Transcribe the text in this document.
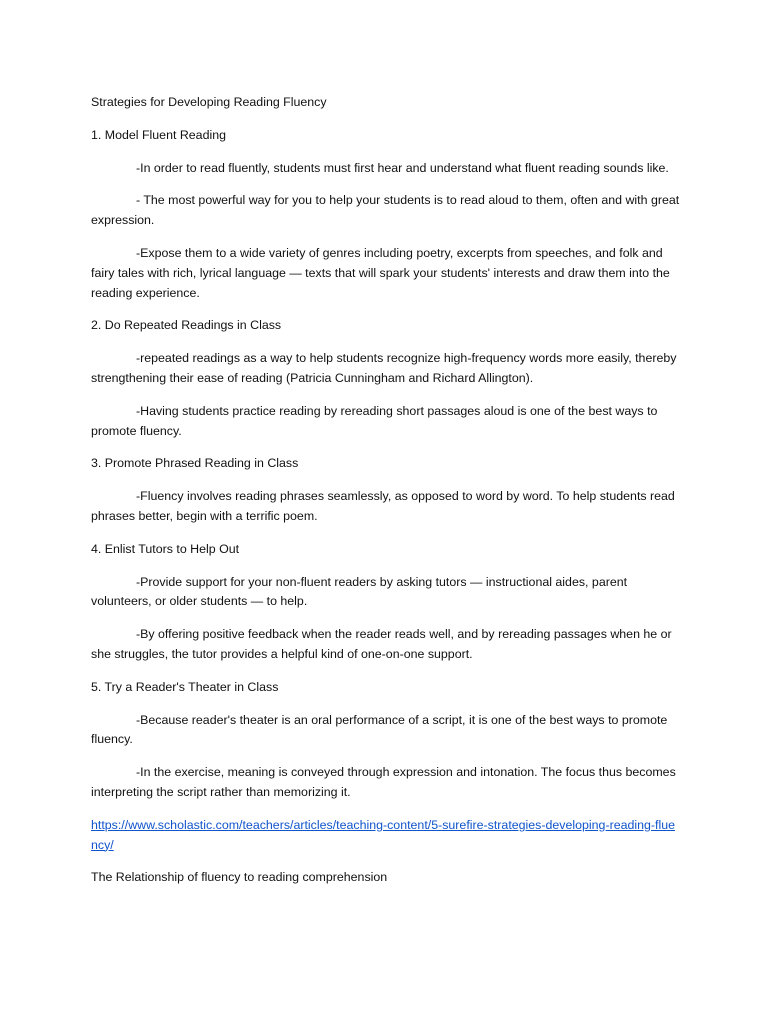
Strategies for Developing Reading Fluency

1. Model Fluent Reading

-In order to read fluently, students must first hear and understand what fluent reading sounds like.

- The most powerful way for you to help your students is to read aloud to them, often and with great expression.

-Expose them to a wide variety of genres including poetry, excerpts from speeches, and folk and fairy tales with rich, lyrical language — texts that will spark your students' interests and draw them into the reading experience.

2. Do Repeated Readings in Class

-repeated readings as a way to help students recognize high-frequency words more easily, thereby strengthening their ease of reading (Patricia Cunningham and Richard Allington).

-Having students practice reading by rereading short passages aloud is one of the best ways to promote fluency.

3. Promote Phrased Reading in Class

-Fluency involves reading phrases seamlessly, as opposed to word by word. To help students read phrases better, begin with a terrific poem.

4. Enlist Tutors to Help Out

-Provide support for your non-fluent readers by asking tutors — instructional aides, parent volunteers, or older students — to help.

-By offering positive feedback when the reader reads well, and by rereading passages when he or she struggles, the tutor provides a helpful kind of one-on-one support.

5. Try a Reader's Theater in Class

-Because reader's theater is an oral performance of a script, it is one of the best ways to promote fluency.

-In the exercise, meaning is conveyed through expression and intonation. The focus thus becomes interpreting the script rather than memorizing it.

https://www.scholastic.com/teachers/articles/teaching-content/5-surefire-strategies-developing-reading-fluency/

The Relationship of fluency to reading comprehension
